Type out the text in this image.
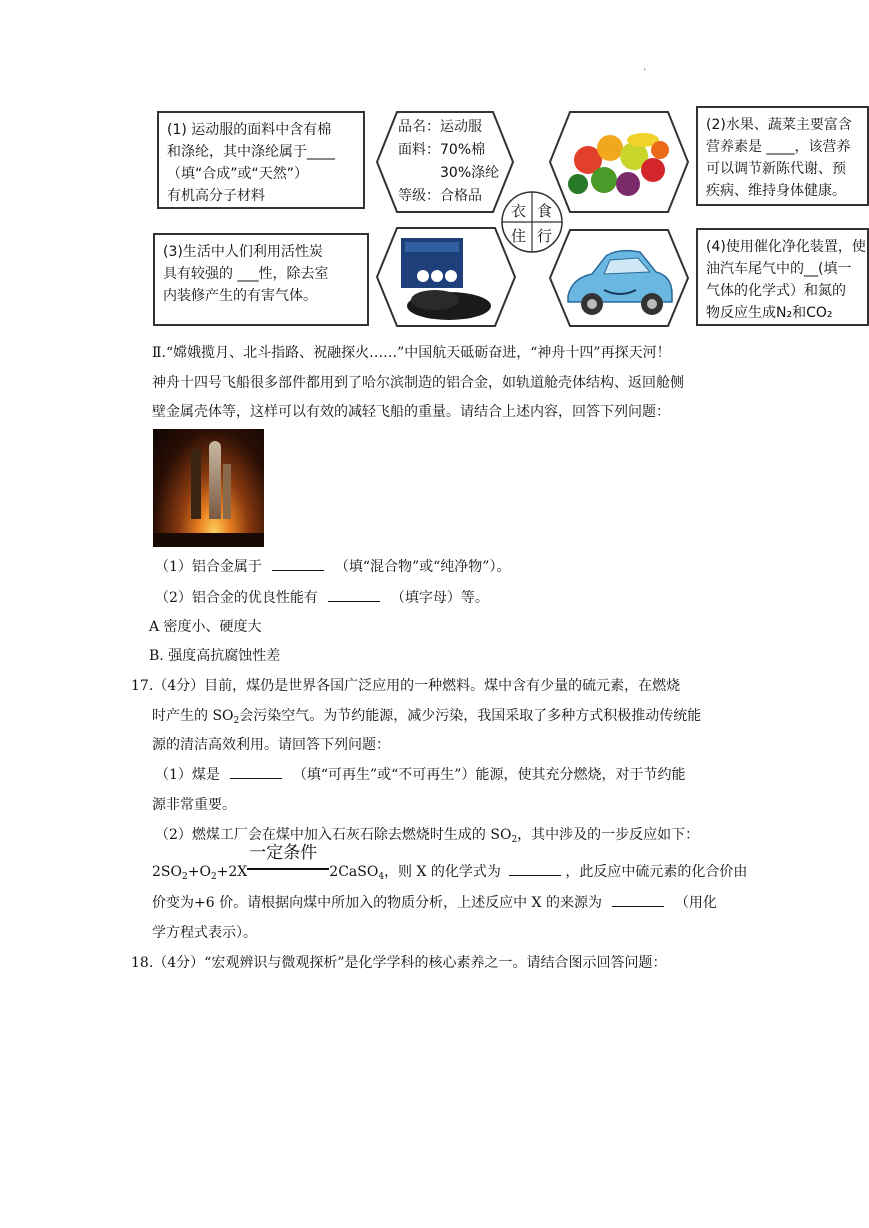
.
(1) 运动服的面料中含有棉
和涤纶，其中涤纶属于____
（填“合成”或“天然”）
有机高分子材料
品名：运动服
面料：70%棉
30%涤纶
等级：合格品
衣 食
住 行
(2)水果、蔬菜主要富含
营养素是 ____，该营养
可以调节新陈代谢、预
疾病、维持身体健康。
(3)生活中人们利用活性炭
具有较强的 ___性，除去室
内装修产生的有害气体。
(4)使用催化净化装置，使
油汽车尾气中的__(填一
气体的化学式）和氮的
物反应生成N₂和CO₂
Ⅱ.“嫦娥揽月、北斗指路、祝融探火……”中国航天砥砺奋进，“神舟十四”再探天河！
神舟十四号飞船很多部件都用到了哈尔滨制造的铝合金，如轨道舱壳体结构、返回舱侧
壁金属壳体等，这样可以有效的减轻飞船的重量。请结合上述内容，回答下列问题：
（1）铝合金属于	（填“混合物”或“纯净物”）。
（2）铝合金的优良性能有	（填字母）等。
A 密度小、硬度大
B. 强度高抗腐蚀性差
17.（4分）目前，煤仍是世界各国广泛应用的一种燃料。煤中含有少量的硫元素，在燃烧
时产生的 $SO_2$会污染空气。为节约能源，减少污染，我国采取了多种方式积极推动传统能
源的清洁高效利用。请回答下列问题：
（1）煤是	（填“可再生”或“不可再生”）能源，使其充分燃烧，对于节约能
源非常重要。
（2）燃煤工厂会在煤中加入石灰石除去燃烧时生成的 $SO_2$，其中涉及的一步反应如下：
$2SO_2+O_2+2X$
一定条件
2CaSO$_4$，则 X 的化学式为	，此反应中硫元素的化合价由
价变为+6 价。请根据向煤中所加入的物质分析，上述反应中 X 的来源为	（用化
学方程式表示）。
18.（4分）“宏观辨识与微观探析”是化学学科的核心素养之一。请结合图示回答问题：
